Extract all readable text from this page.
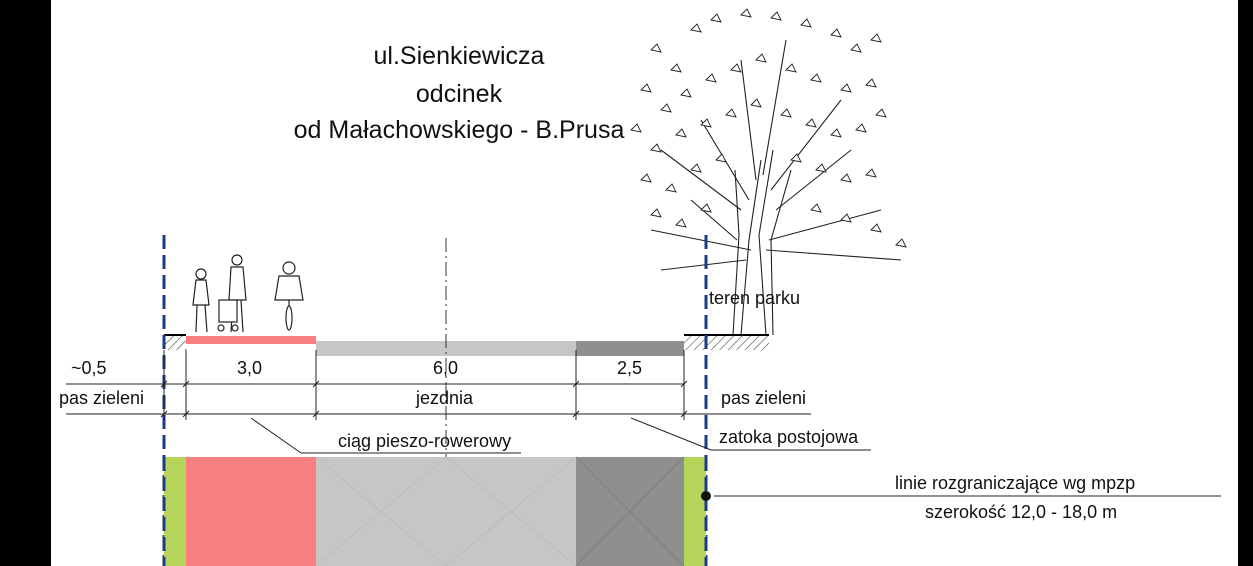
ul.Sienkiewicza
odcinek
od Małachowskiego - B.Prusa
~0,5	3,0	6,0	2,5
pas zieleni	jezdnia	pas zieleni
ciąg pieszo-rowerowy	zatoka postojowa
teren parku
linie rozgraniczające wg mpzp
szerokość 12,0 - 18,0 m
